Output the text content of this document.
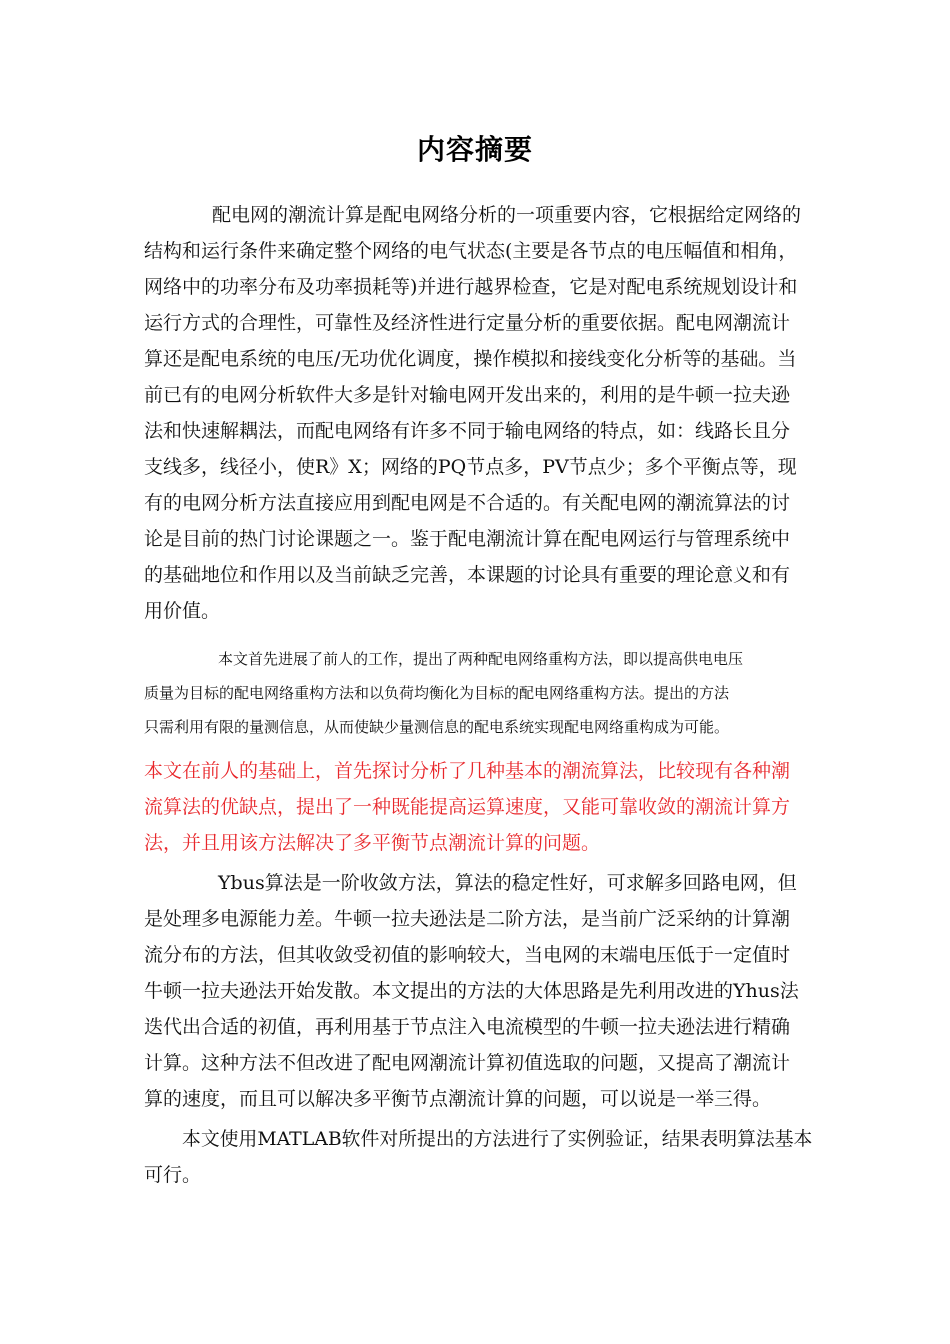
内容摘要
配电网的潮流计算是配电网络分析的一项重要内容，它根据给定网络的
结构和运行条件来确定整个网络的电气状态(主要是各节点的电压幅值和相角，
网络中的功率分布及功率损耗等)并进行越界检查，它是对配电系统规划设计和
运行方式的合理性，可靠性及经济性进行定量分析的重要依据。配电网潮流计
算还是配电系统的电压/无功优化调度，操作模拟和接线变化分析等的基础。当
前已有的电网分析软件大多是针对输电网开发出来的，利用的是牛顿一拉夫逊
法和快速解耦法，而配电网络有许多不同于输电网络的特点，如：线路长且分
支线多，线径小，使R》X；网络的PQ节点多，PV节点少；多个平衡点等，现
有的电网分析方法直接应用到配电网是不合适的。有关配电网的潮流算法的讨
论是目前的热门讨论课题之一。鉴于配电潮流计算在配电网运行与管理系统中
的基础地位和作用以及当前缺乏完善，本课题的讨论具有重要的理论意义和有
用价值。
本文首先进展了前人的工作，提出了两种配电网络重构方法，即以提高供电电压
质量为目标的配电网络重构方法和以负荷均衡化为目标的配电网络重构方法。提出的方法
只需利用有限的量测信息，从而使缺少量测信息的配电系统实现配电网络重构成为可能。
本文在前人的基础上，首先探讨分析了几种基本的潮流算法，比较现有各种潮
流算法的优缺点，提出了一种既能提高运算速度，又能可靠收敛的潮流计算方
法，并且用该方法解决了多平衡节点潮流计算的问题。
Ybus算法是一阶收敛方法，算法的稳定性好，可求解多回路电网，但
是处理多电源能力差。牛顿一拉夫逊法是二阶方法，是当前广泛采纳的计算潮
流分布的方法，但其收敛受初值的影响较大，当电网的末端电压低于一定值时
牛顿一拉夫逊法开始发散。本文提出的方法的大体思路是先利用改进的Yhus法
迭代出合适的初值，再利用基于节点注入电流模型的牛顿一拉夫逊法进行精确
计算。这种方法不但改进了配电网潮流计算初值选取的问题，又提高了潮流计
算的速度，而且可以解决多平衡节点潮流计算的问题，可以说是一举三得。
本文使用MATLAB软件对所提出的方法进行了实例验证，结果表明算法基本
可行。
